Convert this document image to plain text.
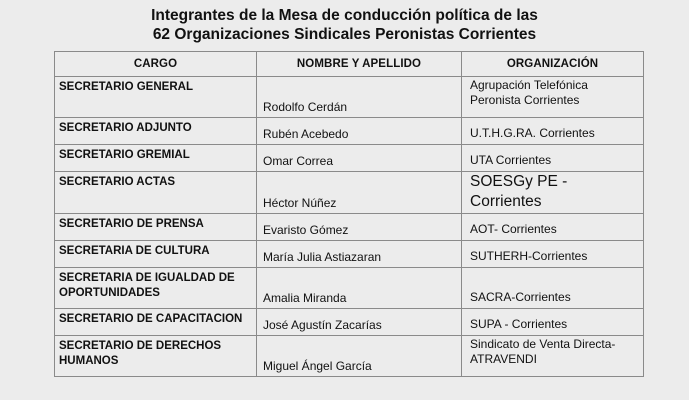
Integrantes de la Mesa de conducción política de las
62 Organizaciones Sindicales Peronistas Corrientes
CARGO	NOMBRE Y APELLIDO	ORGANIZACIÓN
SECRETARIO GENERAL	Rodolfo Cerdán	Agrupación Telefónica Peronista Corrientes
SECRETARIO ADJUNTO	Rubén Acebedo	U.T.H.G.RA. Corrientes
SECRETARIO GREMIAL	Omar Correa	UTA Corrientes
SECRETARIO ACTAS	Héctor Núñez	SOESGy PE - Corrientes
SECRETARIO DE PRENSA	Evaristo Gómez	AOT- Corrientes
SECRETARIA DE CULTURA	María Julia Astiazaran	SUTHERH-Corrientes
SECRETARIA DE IGUALDAD DE OPORTUNIDADES	Amalia Miranda	SACRA-Corrientes
SECRETARIO DE CAPACITACION	José Agustín Zacarías	SUPA - Corrientes
SECRETARIO DE DERECHOS HUMANOS	Miguel Ángel García	Sindicato de Venta Directa-ATRAVENDI
